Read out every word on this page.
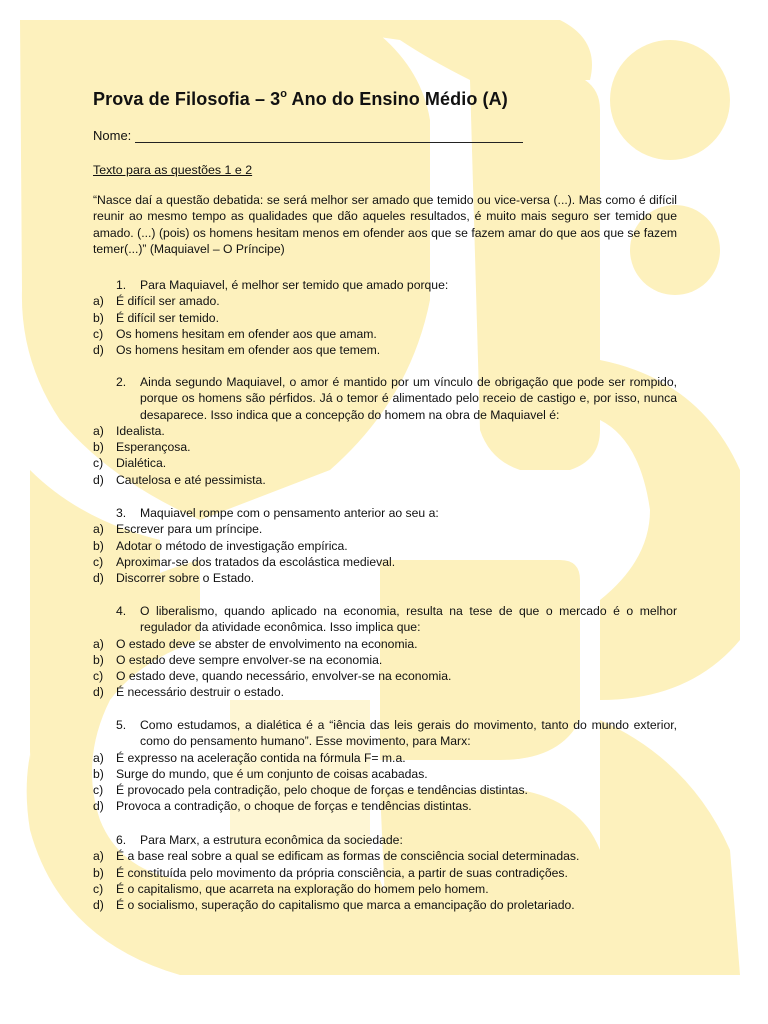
Prova de Filosofia – 3$^o$ Ano do Ensino Médio (A)
Nome:
Texto para as questões 1 e 2
“Nasce daí a questão debatida: se será melhor ser amado que temido ou vice-versa (...). Mas como é difícil reunir ao mesmo tempo as qualidades que dão aqueles resultados, é muito mais seguro ser temido que amado. (...) (pois) os homens hesitam menos em ofender aos que se fazem amar do que aos que se fazem temer(...)” (Maquiavel – O Príncipe)
1.	Para Maquiavel, é melhor ser temido que amado porque:
a) É difícil ser amado.
b) É difícil ser temido.
c)	Os homens hesitam em ofender aos que amam.
d) Os homens hesitam em ofender aos que temem.
2.	Ainda segundo Maquiavel, o amor é mantido por um vínculo de obrigação que pode ser rompido, porque os homens são pérfidos. Já o temor é alimentado pelo receio de castigo e, por isso, nunca desaparece. Isso indica que a concepção do homem na obra de Maquiavel é:
a) Idealista.
b) Esperançosa.
c)	Dialética.
d) Cautelosa e até pessimista.
3.	Maquiavel rompe com o pensamento anterior ao seu a:
a) Escrever para um príncipe.
b) Adotar o método de investigação empírica.
c)	Aproximar-se dos tratados da escolástica medieval.
d) Discorrer sobre o Estado.
4.	O liberalismo, quando aplicado na economia, resulta na tese de que o mercado é o melhor regulador da atividade econômica. Isso implica que:
a) O estado deve se abster de envolvimento na economia.
b) O estado deve sempre envolver-se na economia.
c)	O estado deve, quando necessário, envolver-se na economia.
d) É necessário destruir o estado.
5.	Como estudamos, a dialética é a “iência das leis gerais do movimento, tanto do mundo exterior, como do pensamento humano”. Esse movimento, para Marx:
a) É expresso na aceleração contida na fórmula F= m.a.
b) Surge do mundo, que é um conjunto de coisas acabadas.
c)	É provocado pela contradição, pelo choque de forças e tendências distintas.
d) Provoca a contradição, o choque de forças e tendências distintas.
6.	Para Marx, a estrutura econômica da sociedade:
a) É a base real sobre a qual se edificam as formas de consciência social determinadas.
b) É constituída pelo movimento da própria consciência, a partir de suas contradições.
c)	É o capitalismo, que acarreta na exploração do homem pelo homem.
d) É o socialismo, superação do capitalismo que marca a emancipação do proletariado.
